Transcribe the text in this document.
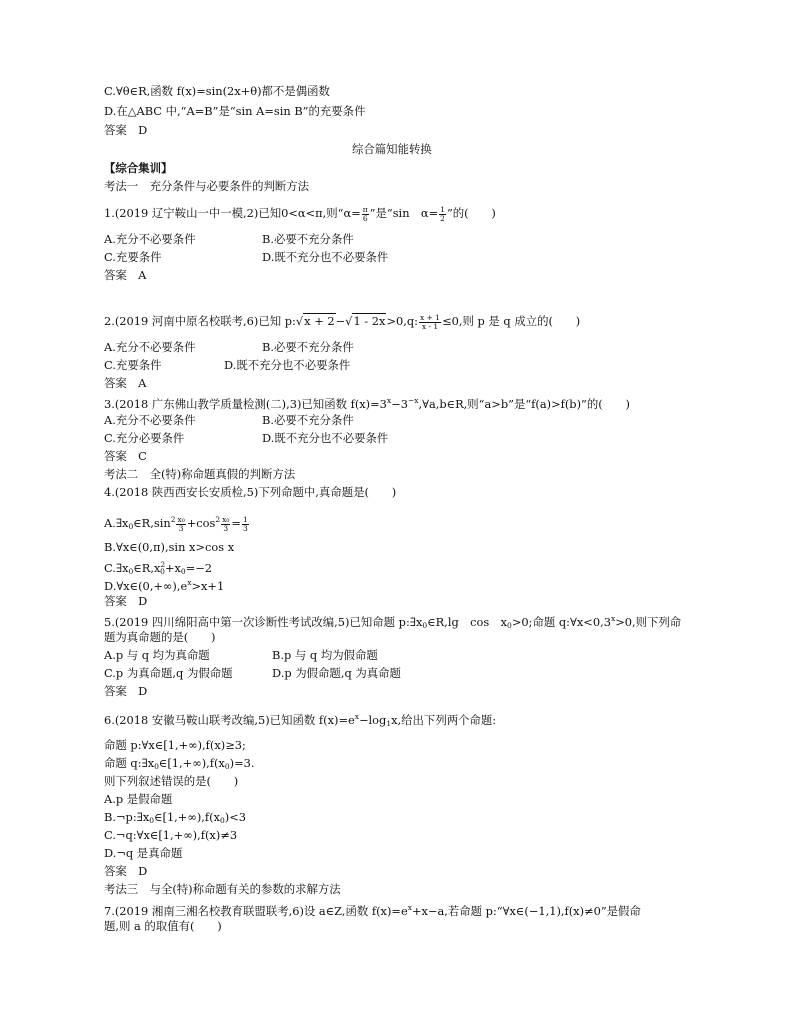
C.∀θ∈R,函数 f(x)=sin(2x+θ)都不是偶函数
D.在△ABC 中,“A=B”是“sin A=sin B”的充要条件
答案　D
综合篇知能转换
【综合集训】
考法一　充分条件与必要条件的判断方法
1.(2019 辽宁鞍山一中一模,2)已知0<α<π,则“$\alpha= \frac{\pi}{6}$ ”是“sin　$\alpha= \frac{1}{2}$ ”的(　　)
A.充分不必要条件	B.必要不充分条件
C.充要条件	D.既不充分也不必要条件
答案　A
2.(2019 河南中原名校联考,6)已知 p:√x + 2−√1 - 2x>0,q: $\frac{x + 1}{x - 1} \le 0$,则 p 是 q 成立的(　　)
A.充分不必要条件	B.必要不充分条件
C.充要条件	D.既不充分也不必要条件
答案　A
3.(2018 广东佛山教学质量检测(二),3)已知函数 $f(x)=3^x-3^{-x},\forall a,b\in R$,则“a>b”是“f(a)>f(b)”的(　　)
A.充分不必要条件	B.必要不充分条件
C.充分必要条件	D.既不充分也不必要条件
答案　C
考法二　全(特)称命题真假的判断方法
4.(2018 陕西西安长安质检,5)下列命题中,真命题是(　　)
$A.\exists x_0\in R,\sin^2 \frac{\text{x₀}}{3} +\cos^2 \frac{\text{x₀}}{3} = \frac{1}{3}$
B.∀x∈(0,π),sin x>cos x
$C.\exists x_0\in R,x^2_0+x_0=-2$
$D.\forall x\in(0,+\infty),e^x>x+1$
答案　D
5.(2019 四川绵阳高中第一次诊断性考试改编,5)已知命题 $p:\exists x_0\in R,\lg$　cos　$x_0>0$;命题 $q:\forall x<0,3^x>0$,则下列命
题为真命题的是(　　)
A.p 与 q 均为真命题	B.p 与 q 均为假命题
C.p 为真命题,q 为假命题	D.p 为假命题,q 为真命题
答案　D
6.(2018 安徽马鞍山联考改编,5)已知函数 $f(x)=e^x-\log_1x$,给出下列两个命题:
命题 p:∀x∈[1,+∞),f(x)≥3;
命题 $q:\exists x_0\in[1,+\infty),f(x_0)=3$.
则下列叙述错误的是(　　)
A.p 是假命题
$B.\neg p:\exists x_0\in[1,+\infty),f(x_0)<3$
C.¬q:∀x∈[1,+∞),f(x)≠3
D.¬q 是真命题
答案　D
考法三　与全(特)称命题有关的参数的求解方法
7.(2019 湘南三湘名校教育联盟联考,6)设 a∈Z,函数 $f(x)=e^x+x-a$,若命题 p:“∀x∈(−1,1),f(x)≠0”是假命
题,则 a 的取值有(　　)
